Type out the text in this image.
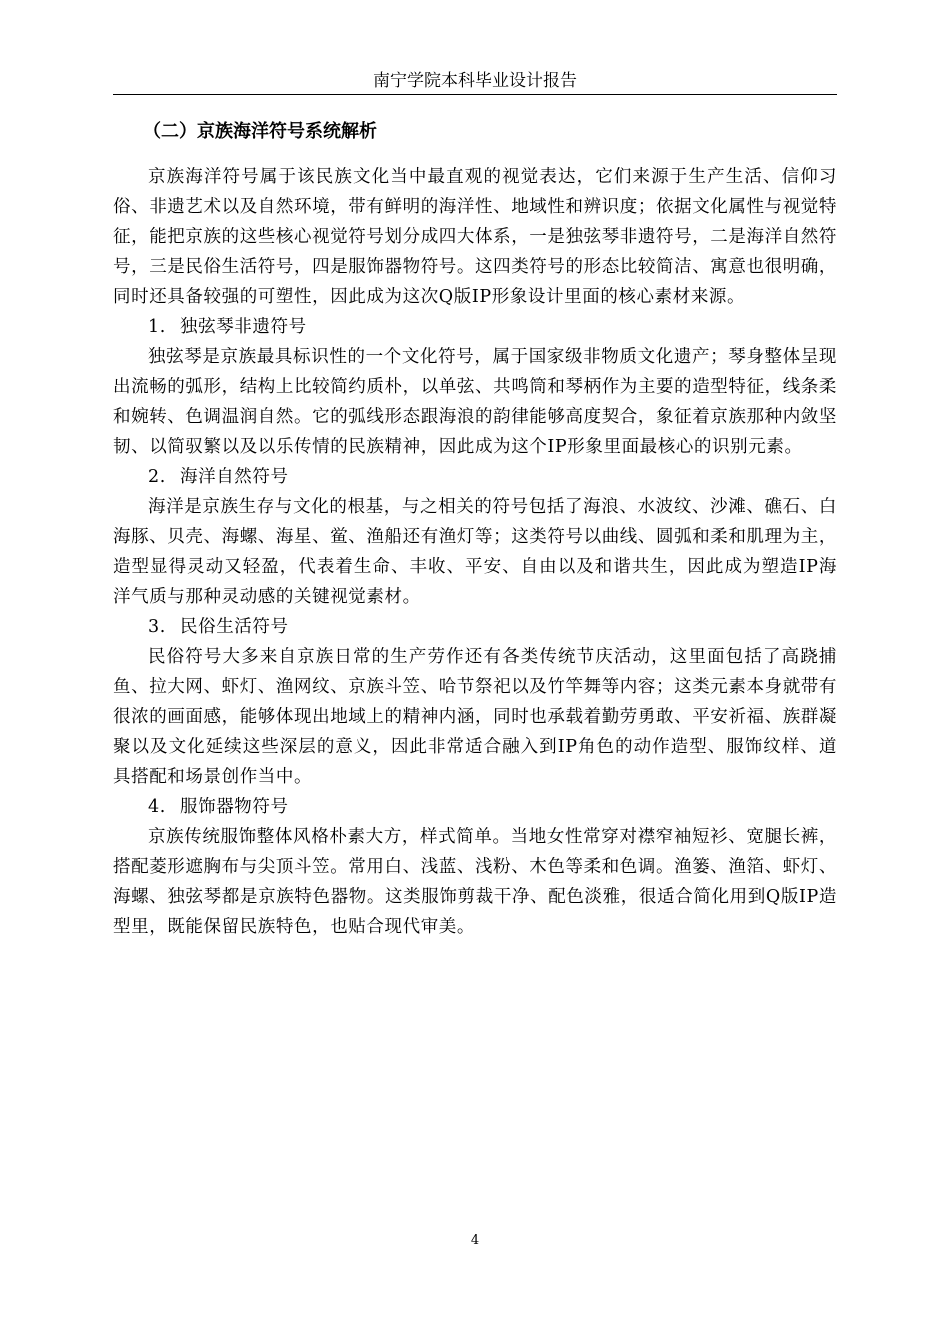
南宁学院本科毕业设计报告
（二）京族海洋符号系统解析

京族海洋符号属于该民族文化当中最直观的视觉表达，它们来源于生产生活、信仰习俗、非遗艺术以及自然环境，带有鲜明的海洋性、地域性和辨识度；依据文化属性与视觉特征，能把京族的这些核心视觉符号划分成四大体系，一是独弦琴非遗符号，二是海洋自然符号，三是民俗生活符号，四是服饰器物符号。这四类符号的形态比较简洁、寓意也很明确，同时还具备较强的可塑性，因此成为这次Q版IP形象设计里面的核心素材来源。

1. 独弦琴非遗符号

独弦琴是京族最具标识性的一个文化符号，属于国家级非物质文化遗产；琴身整体呈现出流畅的弧形，结构上比较简约质朴，以单弦、共鸣筒和琴柄作为主要的造型特征，线条柔和婉转、色调温润自然。它的弧线形态跟海浪的韵律能够高度契合，象征着京族那种内敛坚韧、以简驭繁以及以乐传情的民族精神，因此成为这个IP形象里面最核心的识别元素。

2. 海洋自然符号

海洋是京族生存与文化的根基，与之相关的符号包括了海浪、水波纹、沙滩、礁石、白海豚、贝壳、海螺、海星、鲎、渔船还有渔灯等；这类符号以曲线、圆弧和柔和肌理为主，造型显得灵动又轻盈，代表着生命、丰收、平安、自由以及和谐共生，因此成为塑造IP海洋气质与那种灵动感的关键视觉素材。

3. 民俗生活符号

民俗符号大多来自京族日常的生产劳作还有各类传统节庆活动，这里面包括了高跷捕鱼、拉大网、虾灯、渔网纹、京族斗笠、哈节祭祀以及竹竿舞等内容；这类元素本身就带有很浓的画面感，能够体现出地域上的精神内涵，同时也承载着勤劳勇敢、平安祈福、族群凝聚以及文化延续这些深层的意义，因此非常适合融入到IP角色的动作造型、服饰纹样、道具搭配和场景创作当中。

4. 服饰器物符号

京族传统服饰整体风格朴素大方，样式简单。当地女性常穿对襟窄袖短衫、宽腿长裤，搭配菱形遮胸布与尖顶斗笠。常用白、浅蓝、浅粉、木色等柔和色调。渔篓、渔箔、虾灯、海螺、独弦琴都是京族特色器物。这类服饰剪裁干净、配色淡雅，很适合简化用到Q版IP造型里，既能保留民族特色，也贴合现代审美。

4
